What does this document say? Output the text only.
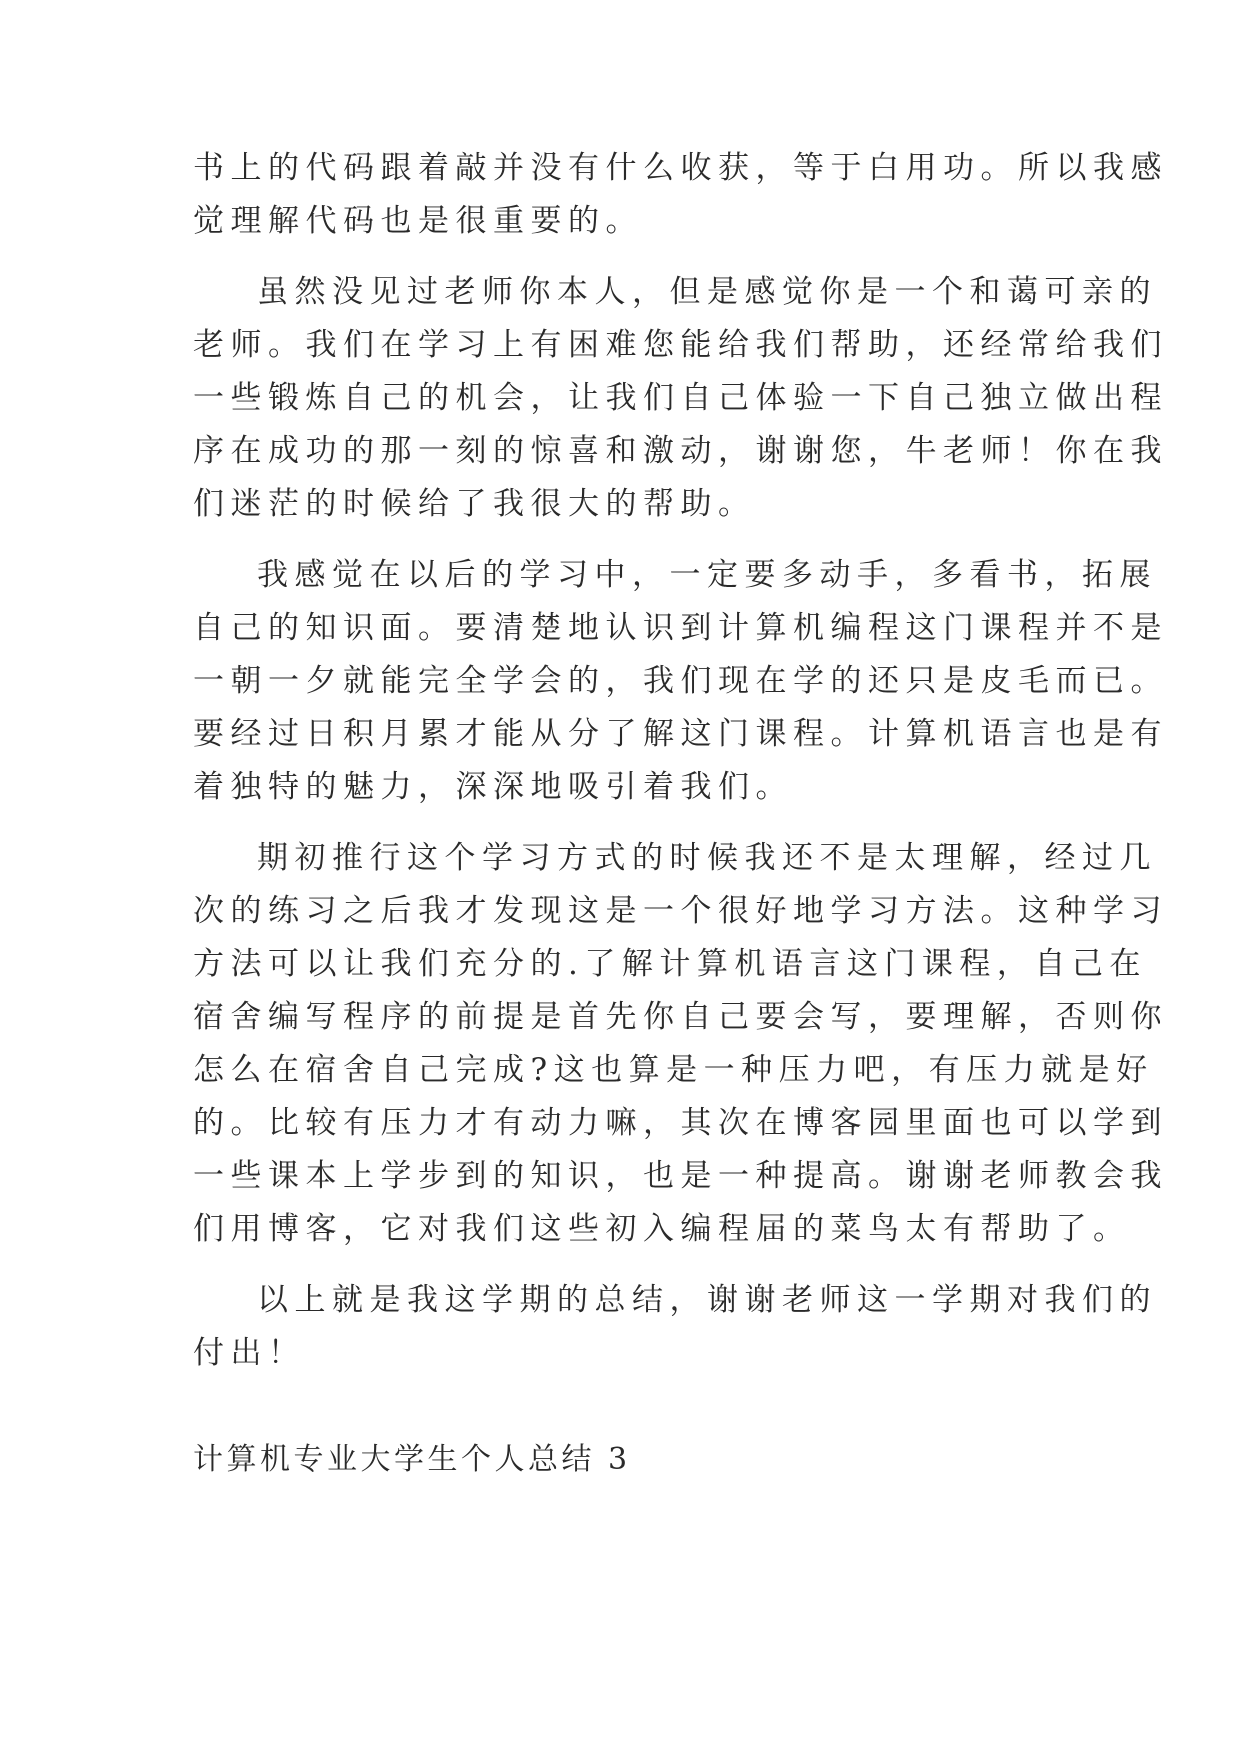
书上的代码跟着敲并没有什么收获，等于白用功。所以我感
觉理解代码也是很重要的。
虽然没见过老师你本人，但是感觉你是一个和蔼可亲的
老师。我们在学习上有困难您能给我们帮助，还经常给我们
一些锻炼自己的机会，让我们自己体验一下自己独立做出程
序在成功的那一刻的惊喜和激动，谢谢您，牛老师！你在我
们迷茫的时候给了我很大的帮助。
我感觉在以后的学习中，一定要多动手，多看书，拓展
自己的知识面。要清楚地认识到计算机编程这门课程并不是
一朝一夕就能完全学会的，我们现在学的还只是皮毛而已。
要经过日积月累才能从分了解这门课程。计算机语言也是有
着独特的魅力，深深地吸引着我们。
期初推行这个学习方式的时候我还不是太理解，经过几
次的练习之后我才发现这是一个很好地学习方法。这种学习
方法可以让我们充分的.了解计算机语言这门课程，自己在
宿舍编写程序的前提是首先你自己要会写，要理解，否则你
怎么在宿舍自己完成?这也算是一种压力吧，有压力就是好
的。比较有压力才有动力嘛，其次在博客园里面也可以学到
一些课本上学步到的知识，也是一种提高。谢谢老师教会我
们用博客，它对我们这些初入编程届的菜鸟太有帮助了。
以上就是我这学期的总结，谢谢老师这一学期对我们的
付出！
计算机专业大学生个人总结 3
